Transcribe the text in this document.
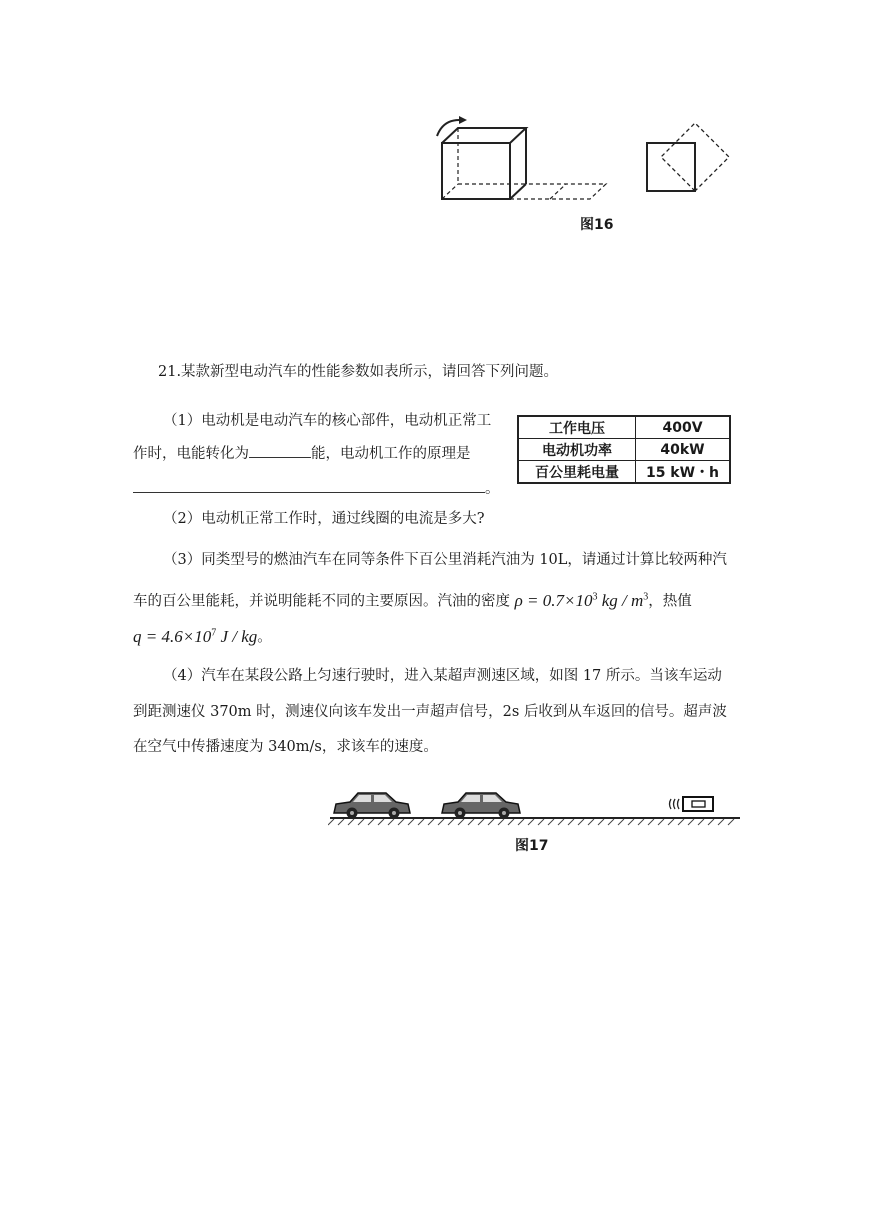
图16
21.某款新型电动汽车的性能参数如表所示，请回答下列问题。
（1）电动机是电动汽车的核心部件，电动机正常工
作时，电能转化为	能，电动机工作的原理是
。
工作电压	400V
电动机功率	40kW
百公里耗电量	15 kW・h
（2）电动机正常工作时，通过线圈的电流是多大?
（3）同类型号的燃油汽车在同等条件下百公里消耗汽油为 10L，请通过计算比较两种汽
车的百公里能耗，并说明能耗不同的主要原因。汽油的密度 $\rho = 0.7\times 10^3$ kg / $m^3$，热值
$q = 4.6\times 10^7$ J / kg。
（4）汽车在某段公路上匀速行驶时，进入某超声测速区域，如图 17 所示。当该车运动
到距测速仪 370m 时，测速仪向该车发出一声超声信号，2s 后收到从车返回的信号。超声波
在空气中传播速度为 340m/s，求该车的速度。
图17
